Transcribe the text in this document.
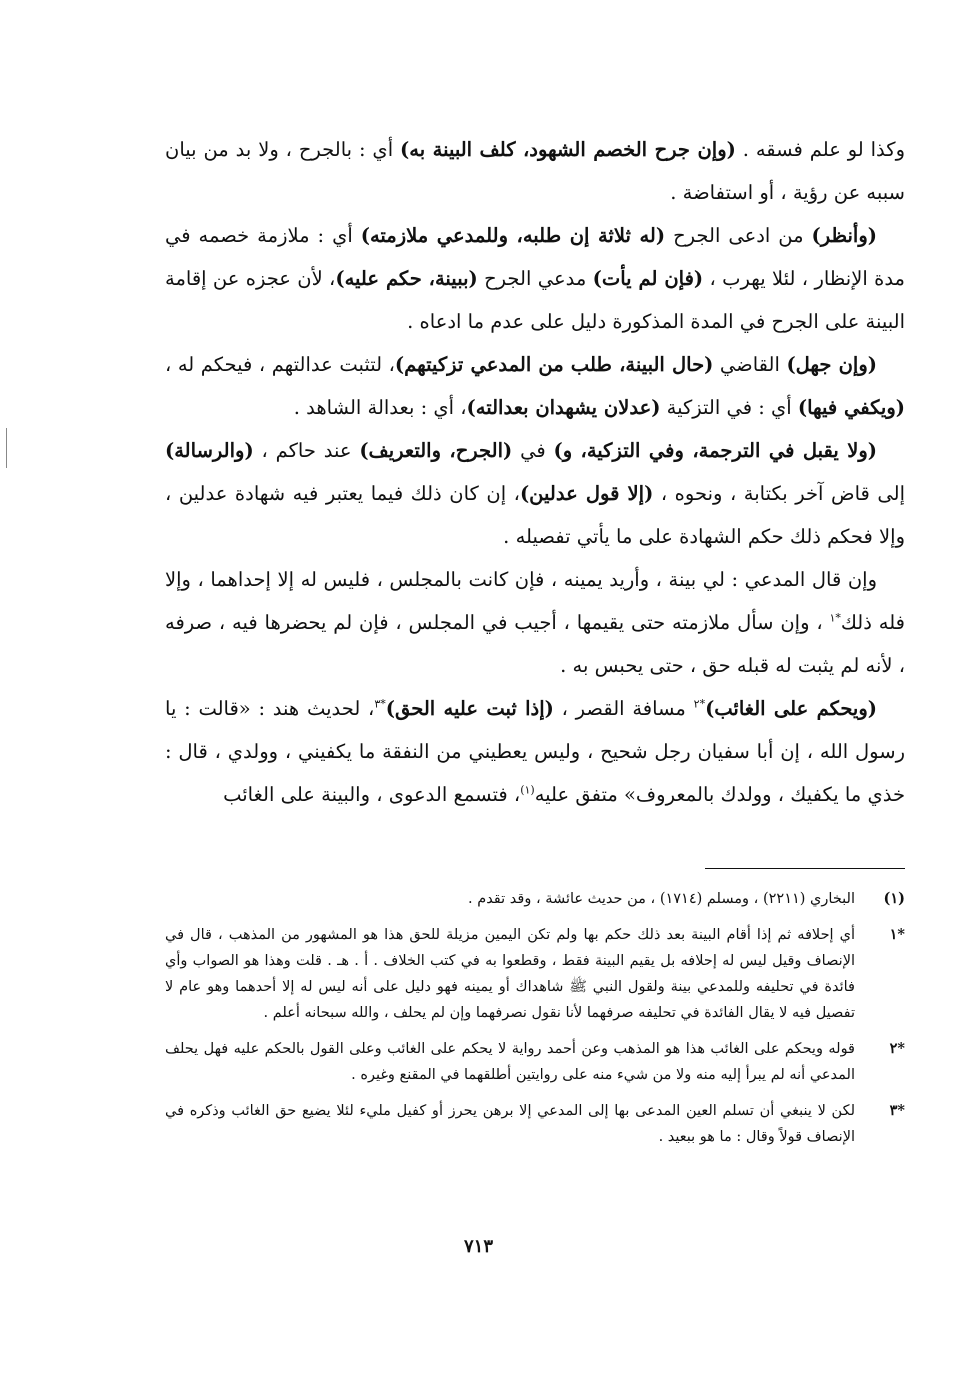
وكذا لو علم فسقه . (وإن جرح الخصم الشهود، كلف البينة به) أي : بالجرح ، ولا بد من بيان سببه عن رؤية ، أو استفاضة .

(وأنظر) من ادعى الجرح (له ثلاثة إن طلبه، وللمدعي ملازمته) أي : ملازمة خصمه في مدة الإنظار ، لئلا يهرب ، (فإن لم يأت) مدعي الجرح (ببينة، حكم عليه)، لأن عجزه عن إقامة البينة على الجرح في المدة المذكورة دليل على عدم ما ادعاه .

(وإن جهل) القاضي (حال البينة، طلب من المدعي تزكيتهم)، لتثبت عدالتهم ، فيحكم له ، (ويكفي فيها) أي : في التزكية (عدلان يشهدان بعدالته)، أي : بعدالة الشاهد .

(ولا يقبل في الترجمة، وفي التزكية، و) في (الجرح، والتعريف) عند حاكم ، (والرسالة) إلى قاض آخر بكتابة ، ونحوه ، (إلا قول عدلين)، إن كان ذلك فيما يعتبر فيه شهادة عدلين ، وإلا فحكم ذلك حكم الشهادة على ما يأتي تفصيله .

وإن قال المدعي : لي بينة ، وأريد يمينه ، فإن كانت بالمجلس ، فليس له إلا إحداهما ، وإلا فله ذلك$^{*١}$ ، وإن سأل ملازمته حتى يقيمها ، أجيب في المجلس ، فإن لم يحضرها فيه ، صرفه ، لأنه لم يثبت له قبله حق ، حتى يحبس به .

(ويحكم على الغائب)$^{*٢}$ مسافة القصر ، (إذا ثبت عليه الحق)$^{*٣}$، لحديث هند : «قالت : يا رسول الله ، إن أبا سفيان رجل شحيح ، وليس يعطيني من النفقة ما يكفيني ، وولدي ، قال : خذي ما يكفيك ، وولدك بالمعروف» متفق عليه$^{(١)}$، فتسمع الدعوى ، والبينة على الغائب

(١)
البخاري (٢٢١١) ، ومسلم (١٧١٤) ، من حديث عائشة ، وقد تقدم .
*١
أي إحلافه ثم إذا أقام البينة بعد ذلك حكم بها ولم تكن اليمين مزيلة للحق هذا هو المشهور من المذهب ، قال في الإنصاف وقيل ليس له إحلافه بل يقيم البينة فقط ، وقطعوا به في كتب الخلاف . أ . هـ . قلت وهذا هو الصواب وأي فائدة في تحليفه وللمدعي بينة ولقول النبي ﷺ شاهداك أو يمينه فهو دليل على أنه ليس له إلا أحدهما وهو عام لا تفصيل فيه لا يقال الفائدة في تحليفه صرفهما لأنا نقول نصرفهما وإن لم يحلف ، والله سبحانه أعلم .
*٢
قوله ويحكم على الغائب هذا هو المذهب وعن أحمد رواية لا يحكم على الغائب وعلى القول بالحكم عليه فهل يحلف المدعي أنه لم يبرأ إليه منه ولا من شيء منه على روايتين أطلقهما في المقنع وغيره .
*٣
لكن لا ينبغي أن تسلم العين المدعى بها إلى المدعي إلا برهن يحرز أو كفيل مليء لئلا يضيع حق الغائب وذكره في الإنصاف قولاً وقال : ما هو ببعيد .
٧١٣
